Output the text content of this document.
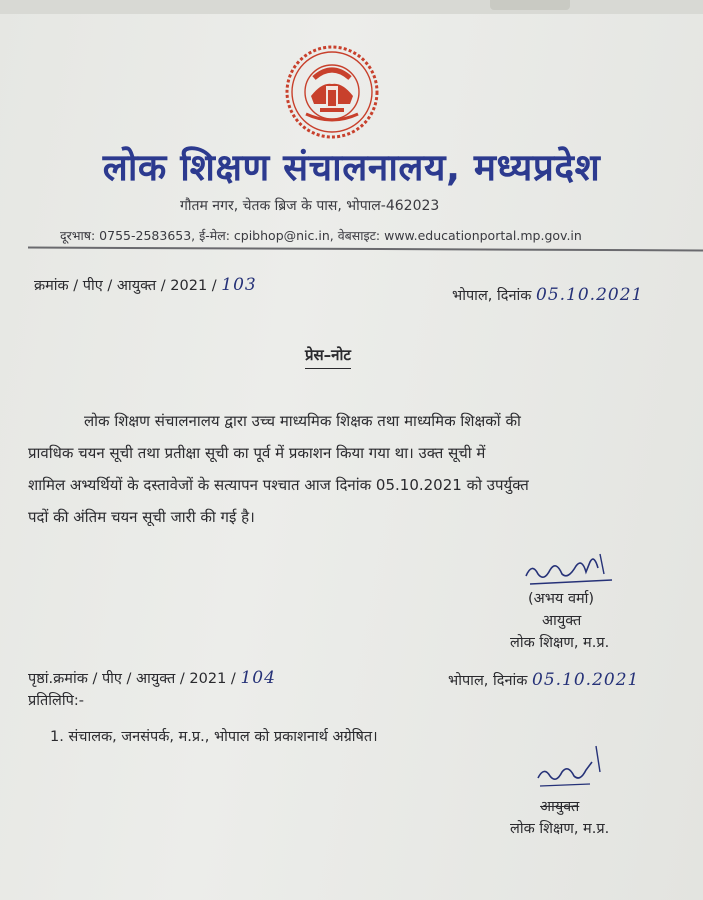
लोक शिक्षण संचालनालय, मध्यप्रदेश
गौतम नगर, चेतक ब्रिज के पास, भोपाल-462023
दूरभाष: 0755-2583653, ई-मेल: cpibhop@nic.in, वेबसाइट: www.educationportal.mp.gov.in
क्रमांक / पीए / आयुक्त / 2021 / 103
भोपाल, दिनांक 05.10.2021
प्रेस–नोट
लोक शिक्षण संचालनालय द्वारा उच्च माध्यमिक शिक्षक तथा माध्यमिक शिक्षकों की
प्रावधिक चयन सूची तथा प्रतीक्षा सूची का पूर्व में प्रकाशन किया गया था। उक्त सूची में
शामिल अभ्यर्थियों के दस्तावेजों के सत्यापन पश्चात आज दिनांक 05.10.2021 को उपर्युक्त
पदों की अंतिम चयन सूची जारी की गई है।
(अभय वर्मा)
आयुक्त
लोक शिक्षण, म.प्र.
पृष्ठां.क्रमांक / पीए / आयुक्त / 2021 / 104	भोपाल, दिनांक 05.10.2021
प्रतिलिपि:-
1. संचालक, जनसंपर्क, म.प्र., भोपाल को प्रकाशनार्थ अग्रेषित।
आयुक्त
लोक शिक्षण, म.प्र.
